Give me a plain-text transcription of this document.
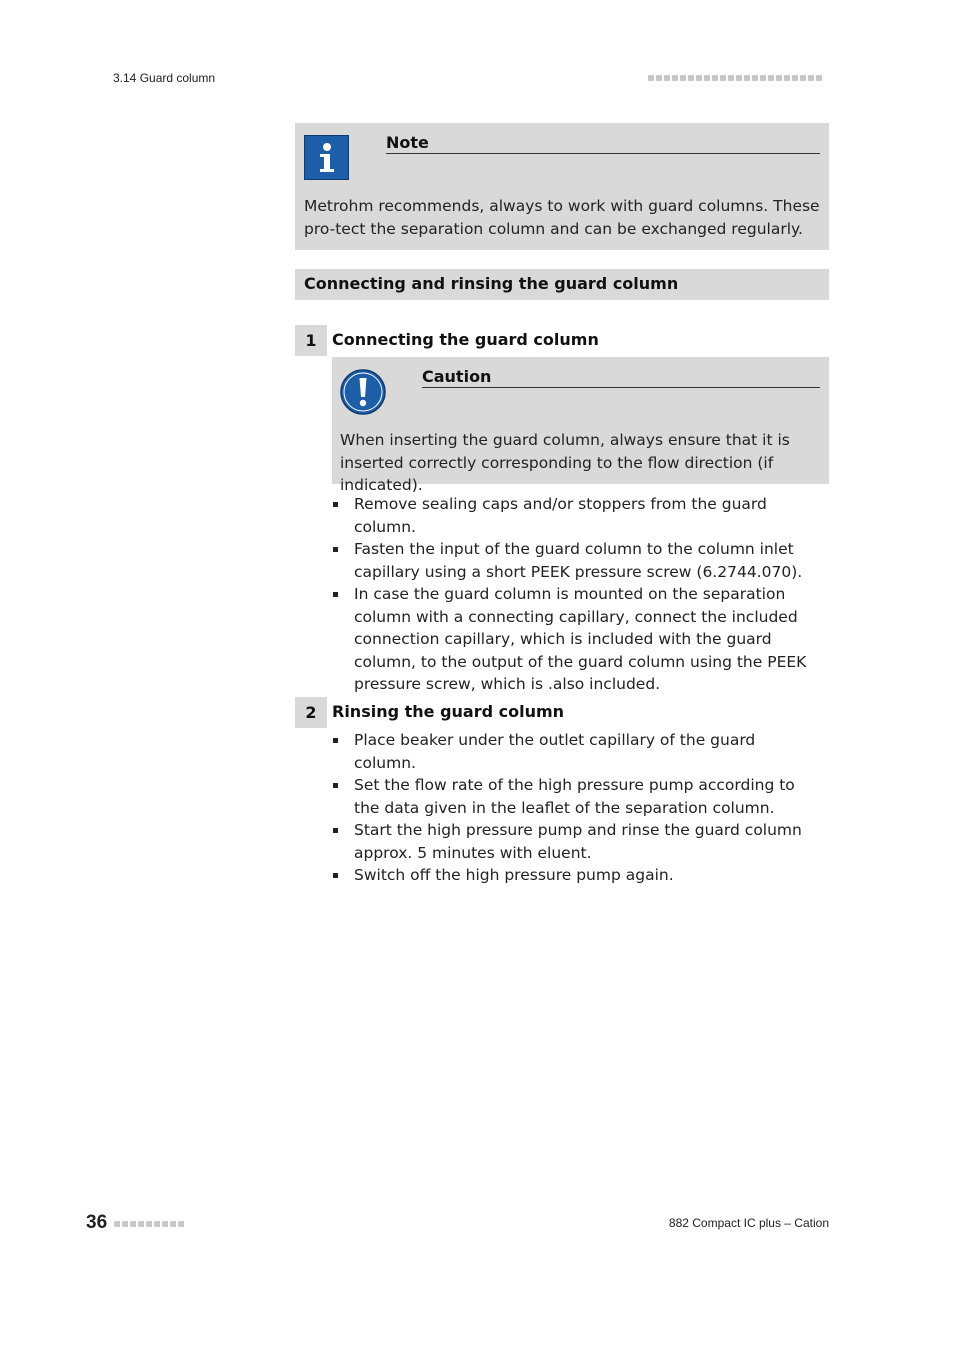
3.14 Guard column
Note
Metrohm recommends, always to work with guard columns. These pro-tect the separation column and can be exchanged regularly.
Connecting and rinsing the guard column
1 Connecting the guard column
Caution
When inserting the guard column, always ensure that it is inserted correctly corresponding to the flow direction (if indicated).
Remove sealing caps and/or stoppers from the guard column.
Fasten the input of the guard column to the column inlet capillary using a short PEEK pressure screw (6.2744.070).
In case the guard column is mounted on the separation column with a connecting capillary, connect the included connection capillary, which is included with the guard column, to the output of the guard column using the PEEK pressure screw, which is .also included.
2 Rinsing the guard column
Place beaker under the outlet capillary of the guard column.
Set the flow rate of the high pressure pump according to the data given in the leaflet of the separation column.
Start the high pressure pump and rinse the guard column approx. 5 minutes with eluent.
Switch off the high pressure pump again.
36	882 Compact IC plus – Cation
